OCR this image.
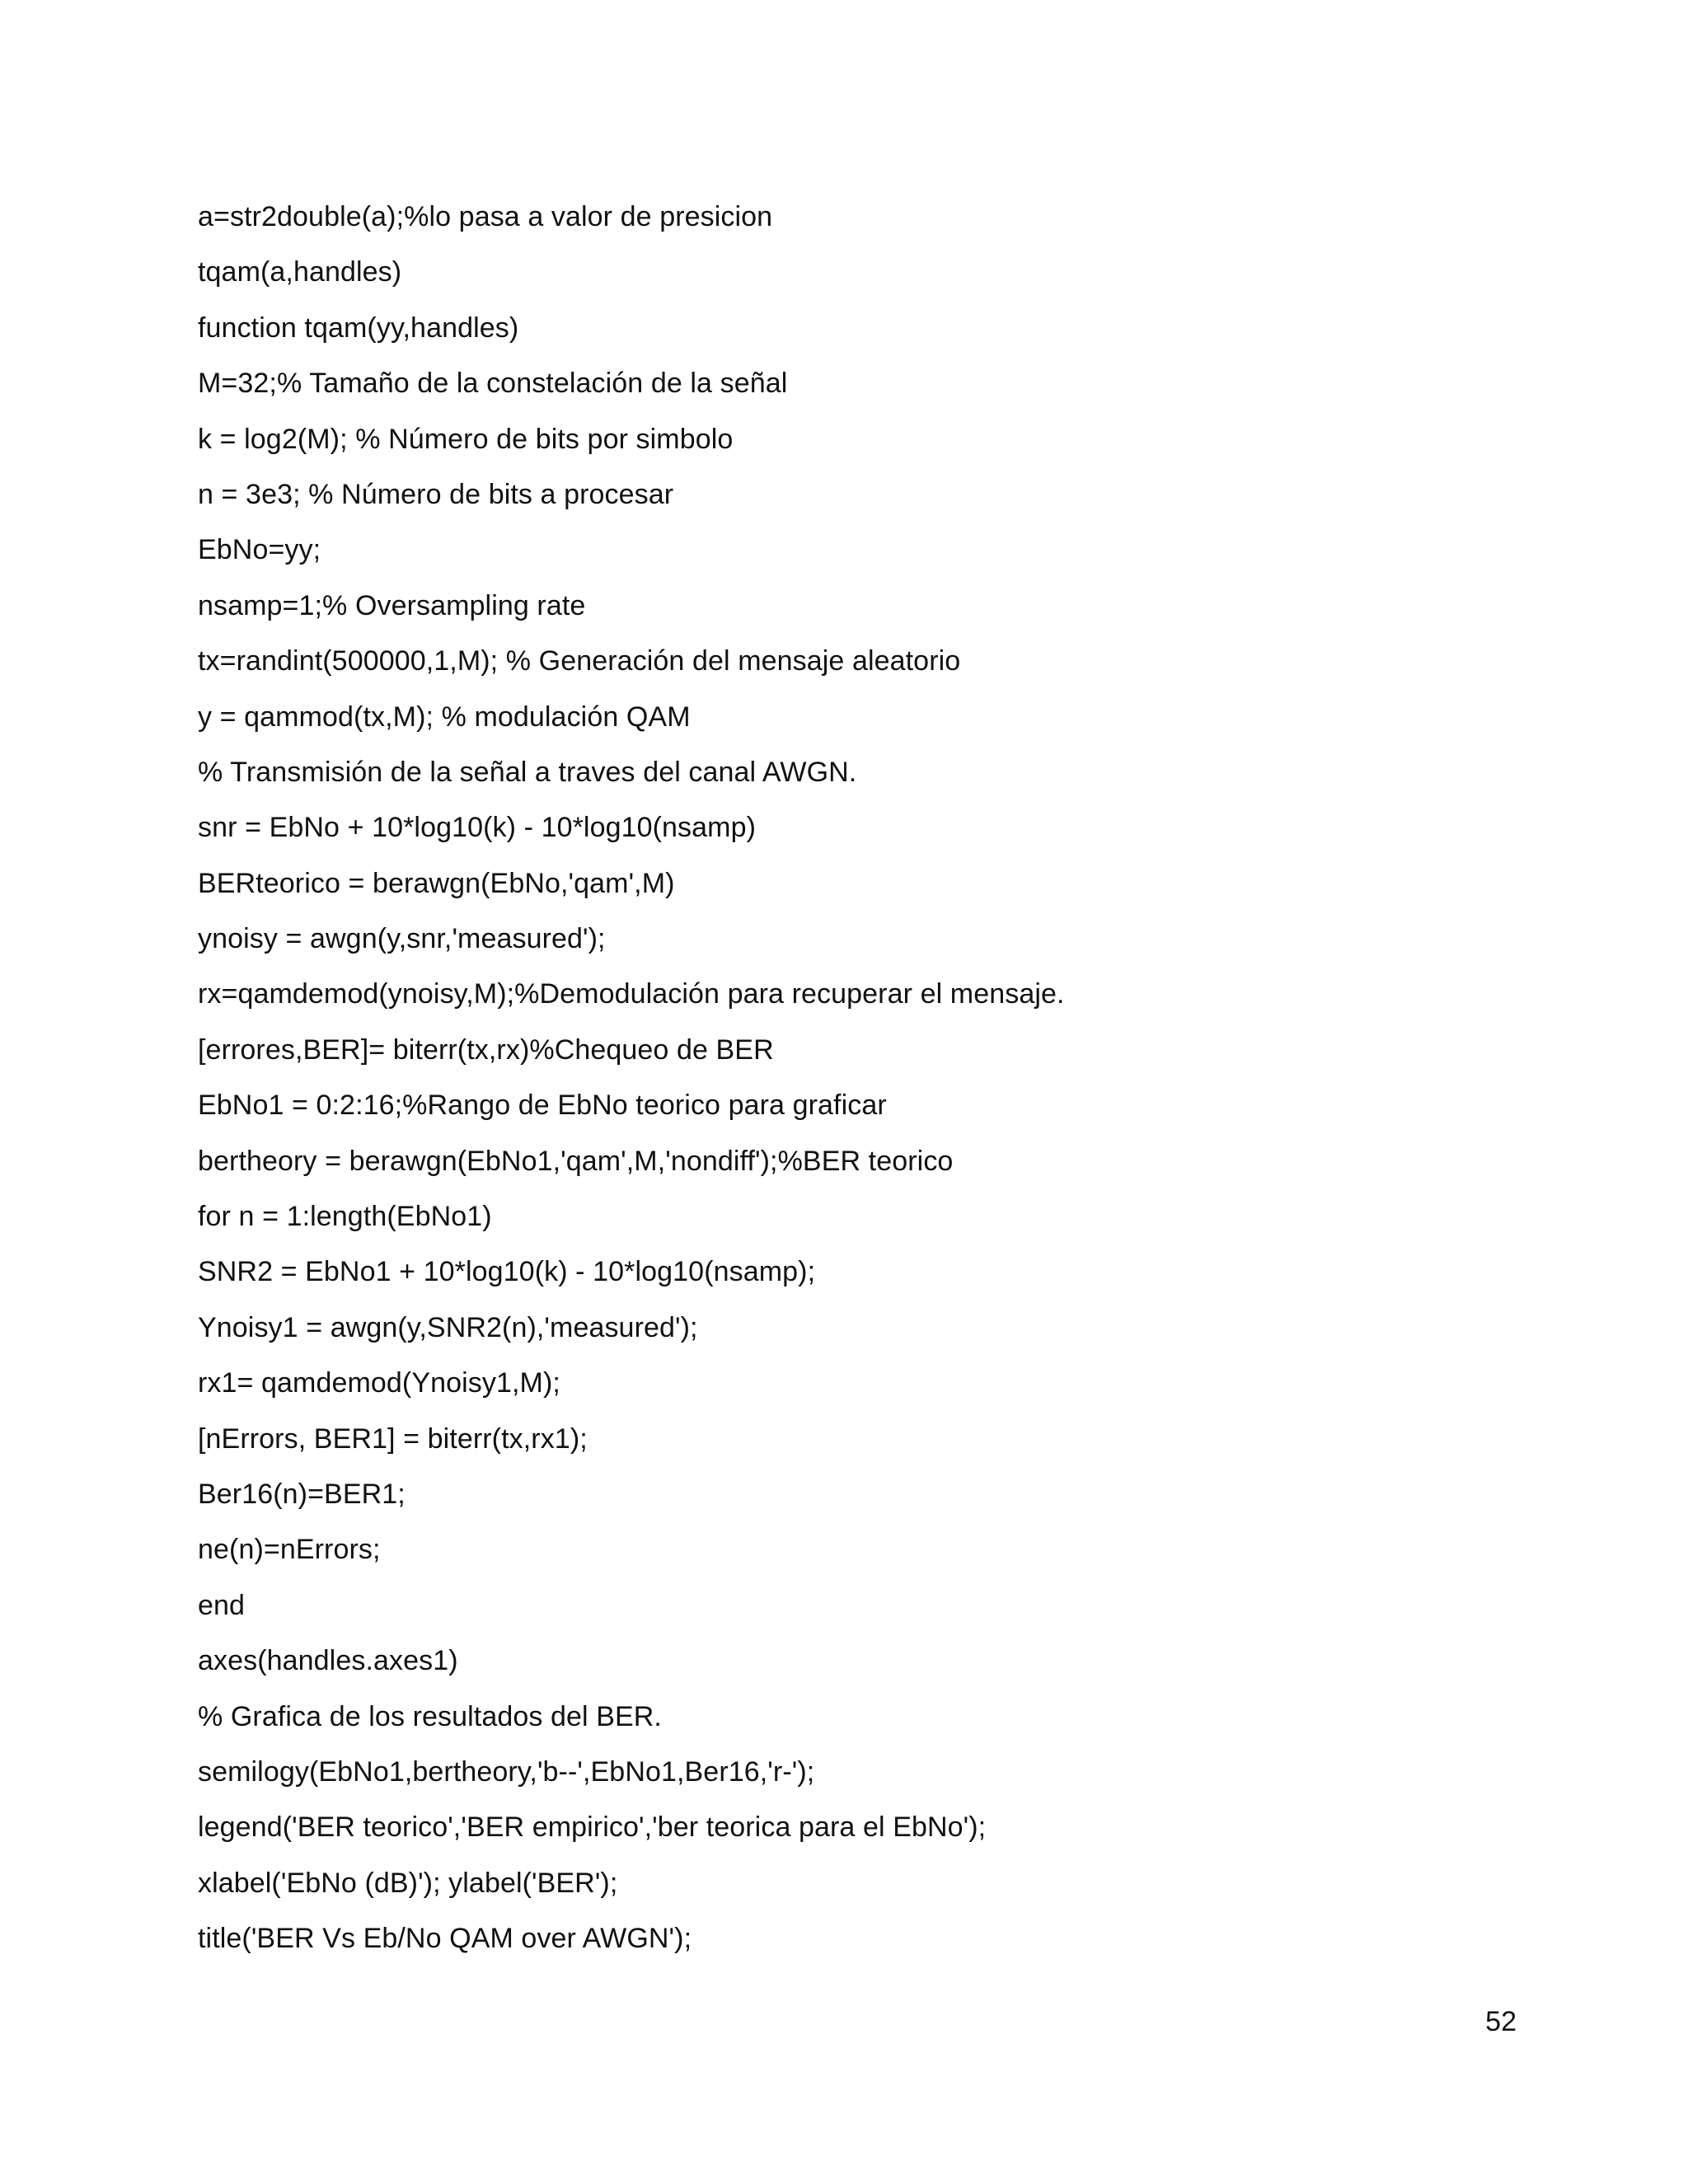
a=str2double(a);%lo pasa a valor de presicion
tqam(a,handles)
function tqam(yy,handles)
M=32;% Tamaño de la constelación de la señal
k = log2(M); % Número de bits por simbolo
n = 3e3; % Número de bits a procesar
EbNo=yy;
nsamp=1;% Oversampling rate
tx=randint(500000,1,M); % Generación del mensaje aleatorio
y = qammod(tx,M); % modulación QAM
% Transmisión de la señal a traves del canal AWGN.
snr = EbNo + 10*log10(k) - 10*log10(nsamp)
BERteorico = berawgn(EbNo,'qam',M)
ynoisy = awgn(y,snr,'measured');
rx=qamdemod(ynoisy,M);%Demodulación para recuperar el mensaje.
[errores,BER]= biterr(tx,rx)%Chequeo de BER
EbNo1 = 0:2:16;%Rango de EbNo teorico para graficar
bertheory = berawgn(EbNo1,'qam',M,'nondiff');%BER teorico
for n = 1:length(EbNo1)
SNR2 = EbNo1 + 10*log10(k) - 10*log10(nsamp);
Ynoisy1 = awgn(y,SNR2(n),'measured');
rx1= qamdemod(Ynoisy1,M);
[nErrors, BER1] = biterr(tx,rx1);
Ber16(n)=BER1;
ne(n)=nErrors;
end
axes(handles.axes1)
% Grafica de los resultados del BER.
semilogy(EbNo1,bertheory,'b--',EbNo1,Ber16,'r-');
legend('BER teorico','BER empirico','ber teorica para el EbNo');
xlabel('EbNo (dB)'); ylabel('BER');
title('BER Vs Eb/No QAM over AWGN');
52
